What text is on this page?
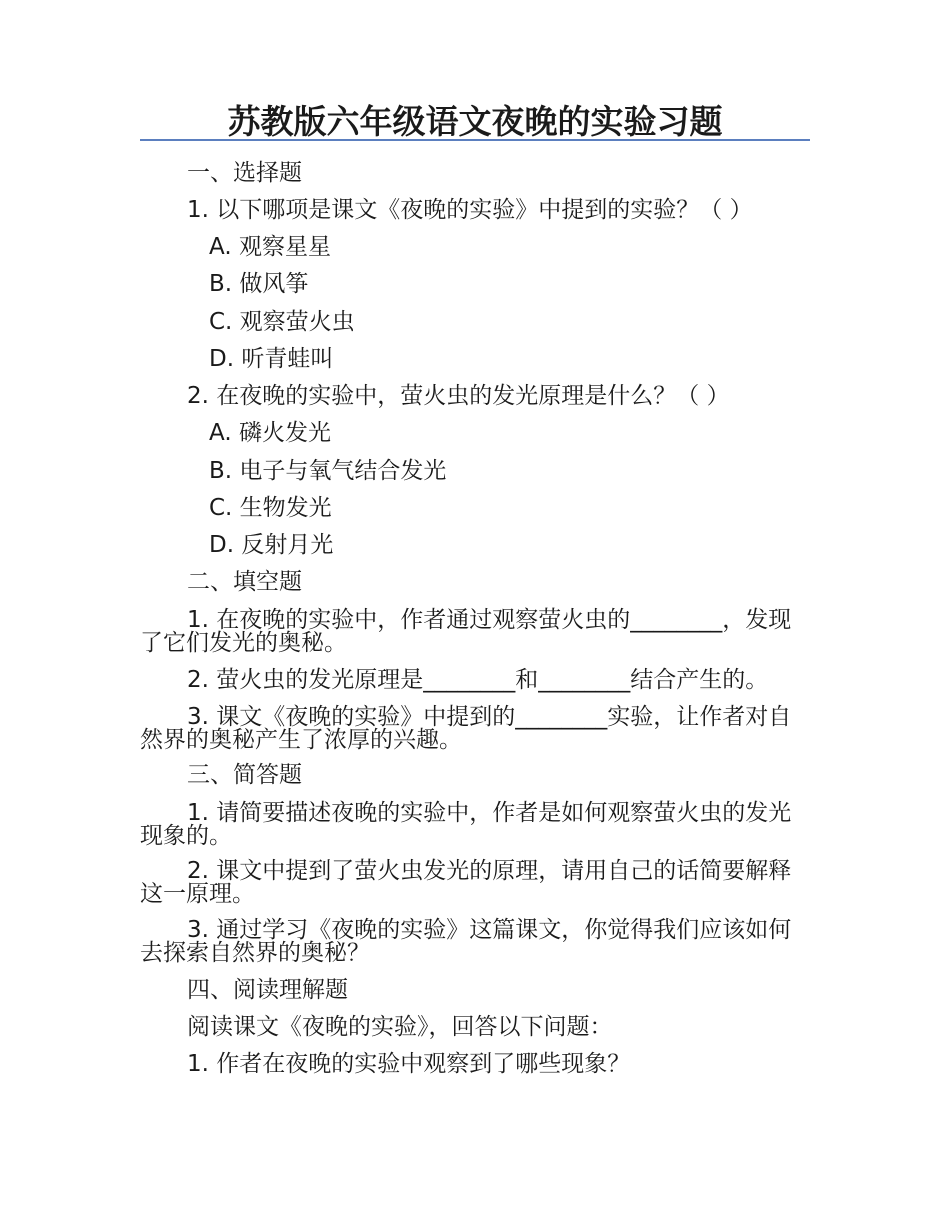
苏教版六年级语文夜晚的实验习题
一、选择题
1. 以下哪项是课文《夜晚的实验》中提到的实验？（ ）
A. 观察星星
B. 做风筝
C. 观察萤火虫
D. 听青蛙叫
2. 在夜晚的实验中，萤火虫的发光原理是什么？（ ）
A. 磷火发光
B. 电子与氧气结合发光
C. 生物发光
D. 反射月光
二、填空题
1. 在夜晚的实验中，作者通过观察萤火虫的________，发现了它们发光的奥秘。
2. 萤火虫的发光原理是________和________结合产生的。
3. 课文《夜晚的实验》中提到的________实验，让作者对自然界的奥秘产生了浓厚的兴趣。
三、简答题
1. 请简要描述夜晚的实验中，作者是如何观察萤火虫的发光现象的。
2. 课文中提到了萤火虫发光的原理，请用自己的话简要解释这一原理。
3. 通过学习《夜晚的实验》这篇课文，你觉得我们应该如何去探索自然界的奥秘？
四、阅读理解题
阅读课文《夜晚的实验》，回答以下问题：
1. 作者在夜晚的实验中观察到了哪些现象？
